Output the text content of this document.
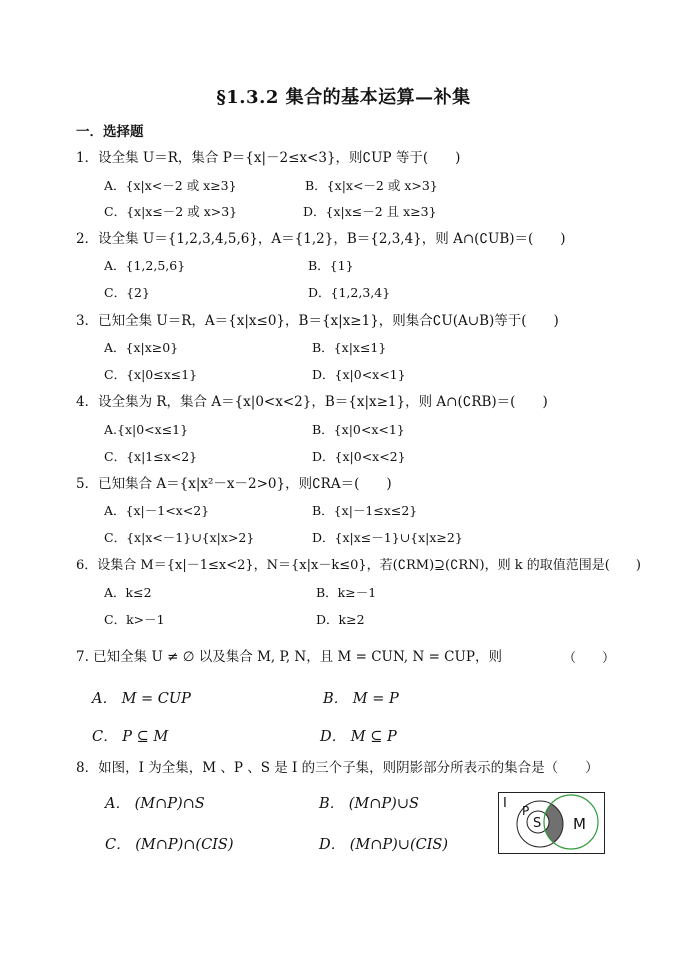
§1.3.2 集合的基本运算—补集
一．选择题
1．设全集 U＝R，集合 P＝{x|－2≤x<3}，则∁UP 等于(　　)
A．{x|x<－2 或 x≥3}	B．{x|x<－2 或 x>3}
C．{x|x≤－2 或 x>3}	D．{x|x≤－2 且 x≥3}
2．设全集 U＝{1,2,3,4,5,6}，A＝{1,2}，B＝{2,3,4}，则 A∩(∁UB)＝(　　)
A．{1,2,5,6}	B．{1}
C．{2}	D．{1,2,3,4}
3．已知全集 U＝R，A＝{x|x≤0}，B＝{x|x≥1}，则集合∁U(A∪B)等于(　　)
A．{x|x≥0}	B．{x|x≤1}
C．{x|0≤x≤1}	D．{x|0<x<1}
4．设全集为 R，集合 A＝{x|0<x<2}，B＝{x|x≥1}，则 A∩(∁RB)＝(　　)
A.{x|0<x≤1}	B．{x|0<x<1}
C．{x|1≤x<2}	D．{x|0<x<2}
5．已知集合 A＝{x|x²－x－2>0}，则∁RA＝(　　)
A．{x|－1<x<2}	B．{x|－1≤x≤2}
C．{x|x<－1}∪{x|x>2}	D．{x|x≤－1}∪{x|x≥2}
6．设集合 M＝{x|－1≤x<2}，N＝{x|x－k≤0}，若(∁RM)⊇(∁RN)，则 k 的取值范围是(　　)
A．k≤2	B．k≥－1
C．k>－1	D．k≥2
7. 已知全集 U ≠ ∅ 以及集合 M, P, N，且 M = CUN, N = CUP，则	（　　）
A． M = CUP	B． M = P
C． P ⊆ M	D． M ⊆ P
8．如图，I 为全集，M 、P 、S 是 I 的三个子集，则阴影部分所表示的集合是（　　）
A． (M∩P)∩S	B． (M∩P)∪S
C． (M∩P)∩(CIS)	D． (M∩P)∪(CIS)
I P
S M
